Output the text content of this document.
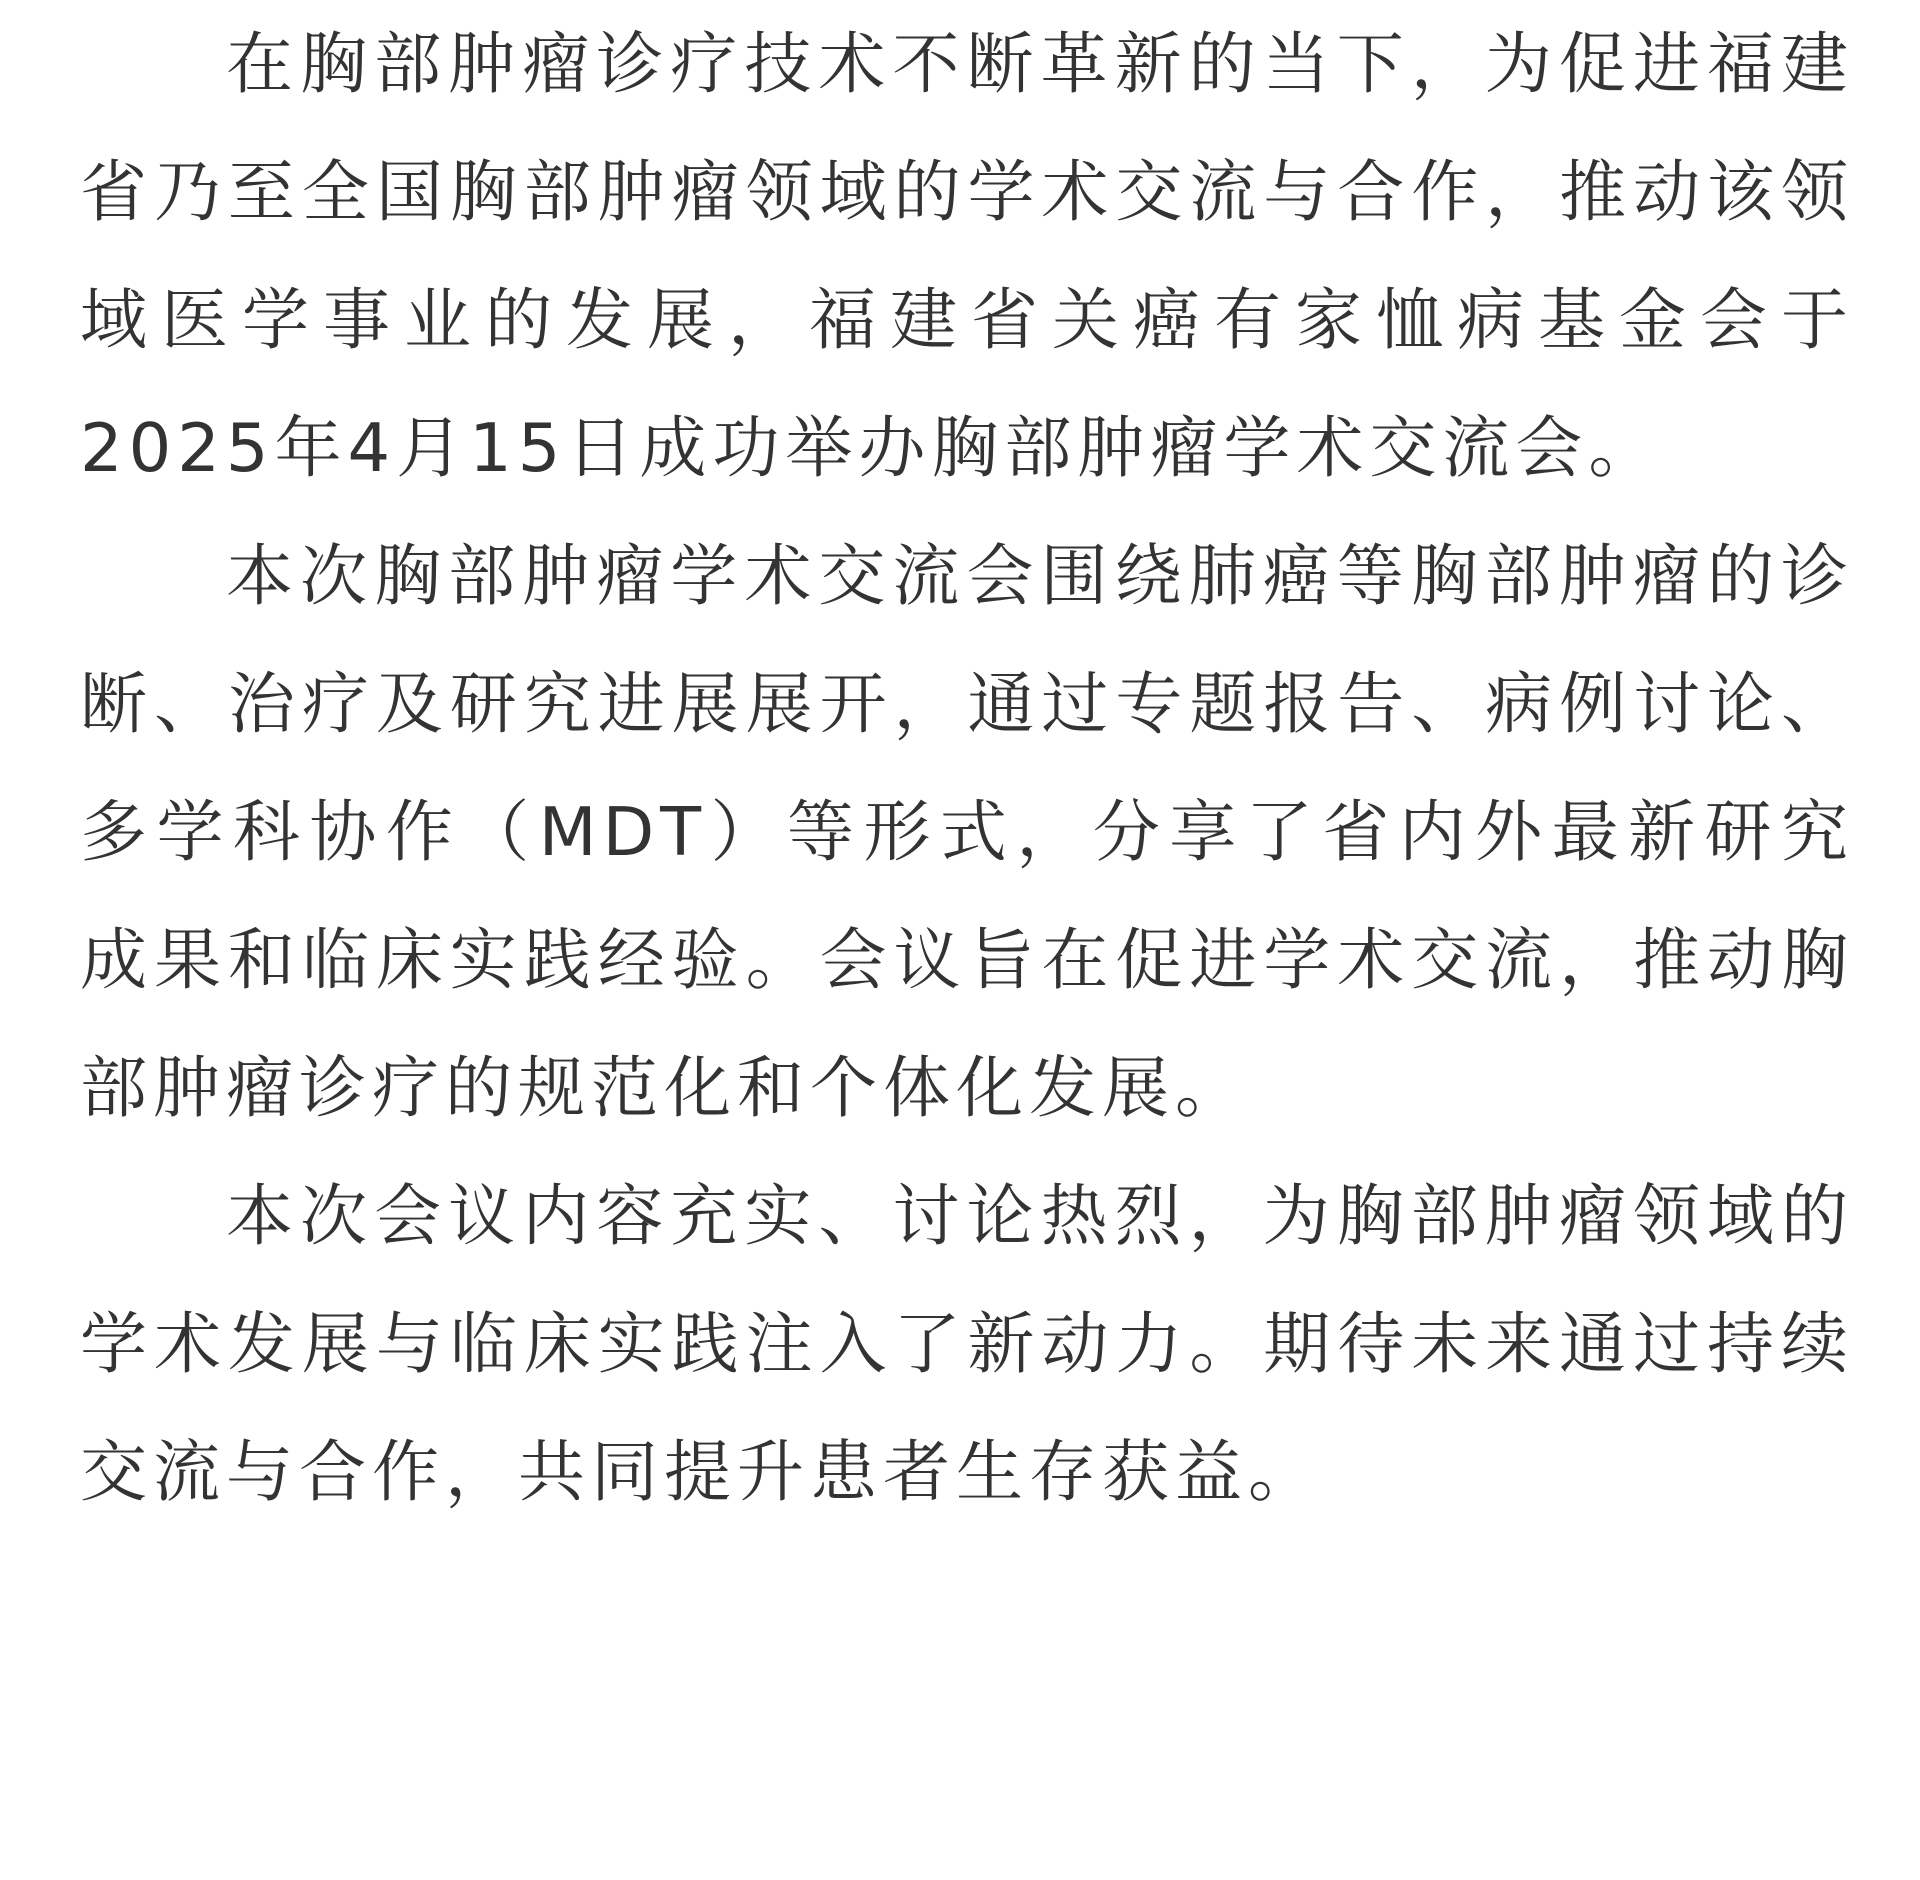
在胸部肿瘤诊疗技术不断革新的当下，为促进福建省乃至全国胸部肿瘤领域的学术交流与合作，推动该领域医学事业的发展，福建省关癌有家恤病基金会于2025年4月15日成功举办胸部肿瘤学术交流会。

本次胸部肿瘤学术交流会围绕肺癌等胸部肿瘤的诊断、治疗及研究进展展开，通过专题报告、病例讨论、多学科协作（MDT）等形式，分享了省内外最新研究成果和临床实践经验。会议旨在促进学术交流，推动胸部肿瘤诊疗的规范化和个体化发展。

本次会议内容充实、讨论热烈，为胸部肿瘤领域的学术发展与临床实践注入了新动力。期待未来通过持续交流与合作，共同提升患者生存获益。
